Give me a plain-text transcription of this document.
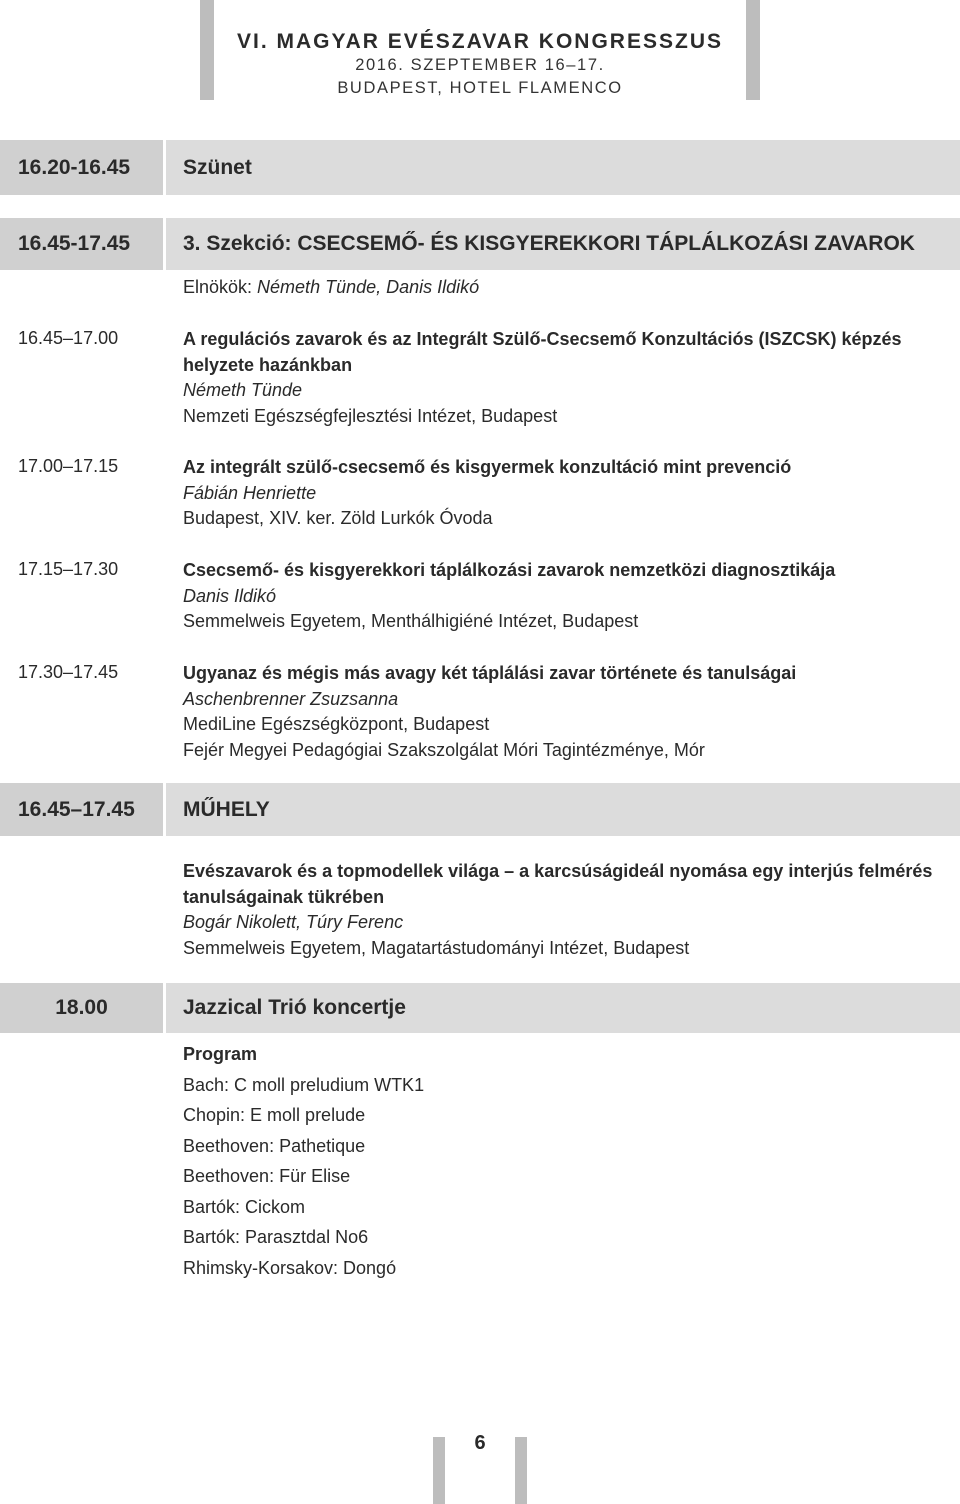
VI. MAGYAR EVÉSZAVAR KONGRESSZUS
2016. SZEPTEMBER 16–17.
BUDAPEST, HOTEL FLAMENCO
16.20-16.45	Szünet
16.45-17.45	3. Szekció: CSECSEMŐ- ÉS KISGYEREKKORI TÁPLÁLKOZÁSI ZAVAROK
Elnökök: Németh Tünde, Danis Ildikó
16.45–17.00	A regulációs zavarok és az Integrált Szülő-Csecsemő Konzultációs (ISZCSK) képzés helyzete hazánkban
Németh Tünde
Nemzeti Egészségfejlesztési Intézet, Budapest
17.00–17.15	Az integrált szülő-csecsemő és kisgyermek konzultáció mint prevenció
Fábián Henriette
Budapest, XIV. ker. Zöld Lurkók Óvoda
17.15–17.30	Csecsemő- és kisgyerekkori táplálkozási zavarok nemzetközi diagnosztikája
Danis Ildikó
Semmelweis Egyetem, Menthálhigiéné Intézet, Budapest
17.30–17.45	Ugyanaz és mégis más avagy két táplálási zavar története és tanulságai
Aschenbrenner Zsuzsanna
MediLine Egészségközpont, Budapest
Fejér Megyei Pedagógiai Szakszolgálat Móri Tagintézménye, Mór
16.45–17.45 MŰHELY
Evészavarok és a topmodellek világa – a karcsúságideál nyomása egy interjús felmérés tanulságainak tükrében
Bogár Nikolett, Túry Ferenc
Semmelweis Egyetem, Magatartástudományi Intézet, Budapest
18.00	Jazzical Trió koncertje
Program
Bach: C moll preludium WTK1
Chopin: E moll prelude
Beethoven: Pathetique
Beethoven: Für Elise
Bartók: Cickom
Bartók: Parasztdal No6
Rhimsky-Korsakov: Dongó
6
